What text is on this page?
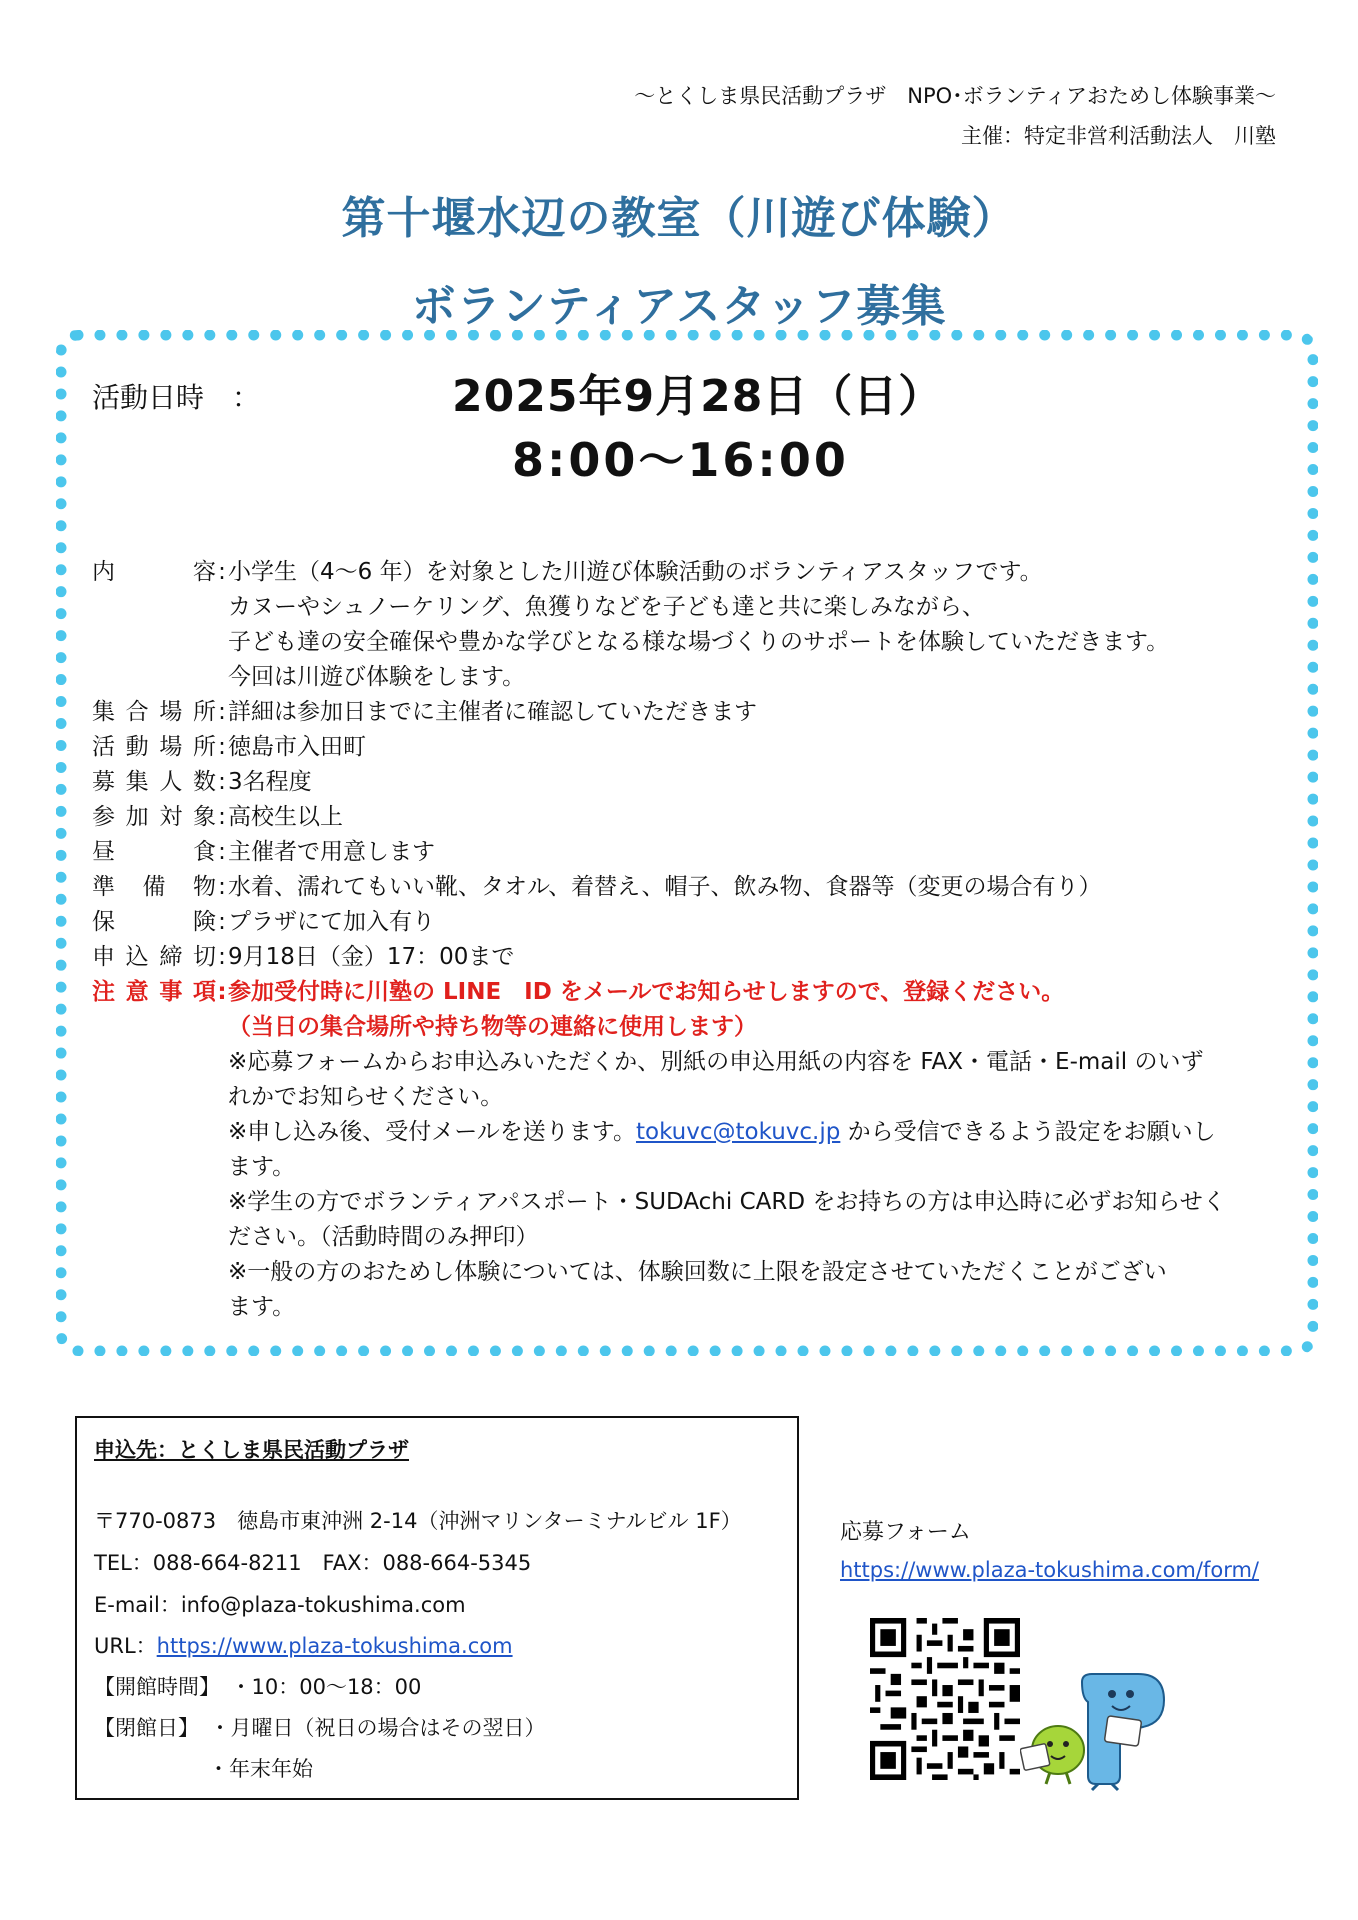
～とくしま県民活動プラザ　NPO･ボランティアおためし体験事業～
主催：特定非営利活動法人　川塾
第十堰水辺の教室（川遊び体験）
ボランティアスタッフ募集
活動日時　：	2025年9月28日（日）
8:00～16:00
内　　容:小学生（4～6 年）を対象とした川遊び体験活動のボランティアスタッフです。
カヌーやシュノーケリング、魚獲りなどを子ども達と共に楽しみながら、
子ども達の安全確保や豊かな学びとなる様な場づくりのサポートを体験していただきます。
今回は川遊び体験をします。
集合場所:詳細は参加日までに主催者に確認していただきます
活動場所:徳島市入田町
募集人数:3名程度
参加対象:高校生以上
昼　　食:主催者で用意します
準 備 物:水着、濡れてもいい靴、タオル、着替え、帽子、飲み物、食器等（変更の場合有り）
保　　険:プラザにて加入有り
申込締切:9月18日（金）17：00まで
注意事項:参加受付時に川塾の LINE　ID をメールでお知らせしますので、登録ください。
（当日の集合場所や持ち物等の連絡に使用します）
※応募フォームからお申込みいただくか、別紙の申込用紙の内容を FAX・電話・E-mail のいず
れかでお知らせください。
※申し込み後、受付メールを送ります。tokuvc@tokuvc.jp から受信できるよう設定をお願いし
ます。
※学生の方でボランティアパスポート・SUDAchi CARD をお持ちの方は申込時に必ずお知らせく
ださい。（活動時間のみ押印）
※一般の方のおためし体験については、体験回数に上限を設定させていただくことがござい
ます。
申込先：とくしま県民活動プラザ
〒770-0873　徳島市東沖洲 2-14（沖洲マリンターミナルビル 1F）
TEL：088-664-8211　FAX：088-664-5345
E-mail：info@plaza-tokushima.com
URL：https://www.plaza-tokushima.com
【開館時間】　・10：00～18：00
【閉館日】　・月曜日（祝日の場合はその翌日）
・年末年始
応募フォーム
https://www.plaza-tokushima.com/form/
